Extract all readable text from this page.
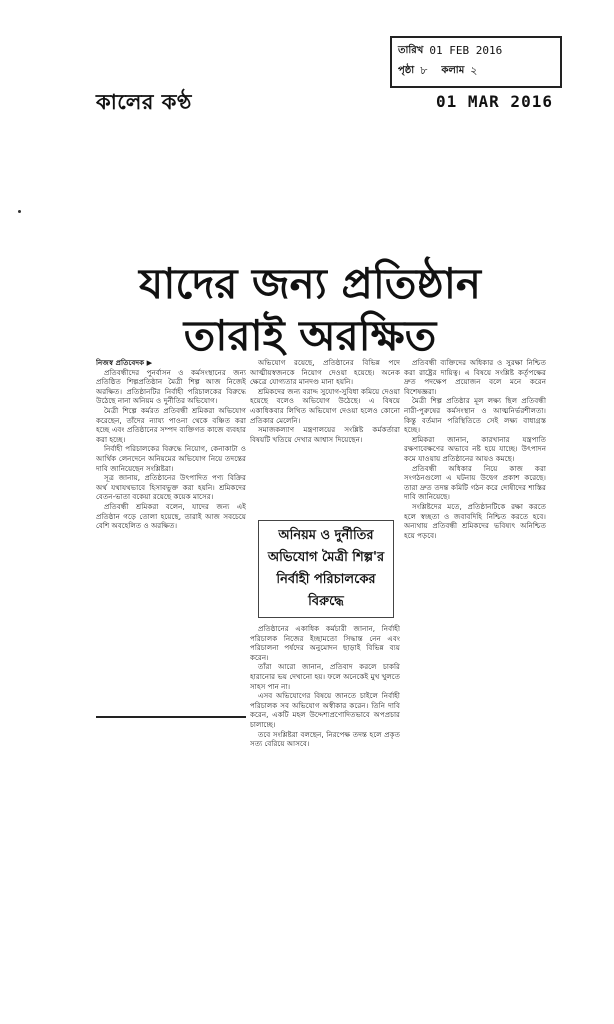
তারিখ 01 FEB 2016
পৃষ্ঠা ৮ কলাম ২
কালের কণ্ঠ	01 MAR 2016
যাদের জন্য প্রতিষ্ঠান
তারাই অরক্ষিত

নিজস্ব প্রতিবেদক ▶

প্রতিবন্ধীদের পুনর্বাসন ও কর্মসংস্থানের জন্য প্রতিষ্ঠিত শিল্পপ্রতিষ্ঠান মৈত্রী শিল্প আজ নিজেই অরক্ষিত। প্রতিষ্ঠানটির নির্বাহী পরিচালকের বিরুদ্ধে উঠেছে নানা অনিয়ম ও দুর্নীতির অভিযোগ।

মৈত্রী শিল্পে কর্মরত প্রতিবন্ধী শ্রমিকরা অভিযোগ করেছেন, তাঁদের ন্যায্য পাওনা থেকে বঞ্চিত করা হচ্ছে এবং প্রতিষ্ঠানের সম্পদ ব্যক্তিগত কাজে ব্যবহার করা হচ্ছে।

নির্বাহী পরিচালকের বিরুদ্ধে নিয়োগ, কেনাকাটা ও আর্থিক লেনদেনে অনিয়মের অভিযোগ নিয়ে তদন্তের দাবি জানিয়েছেন সংশ্লিষ্টরা।

সূত্র জানায়, প্রতিষ্ঠানের উৎপাদিত পণ্য বিক্রির অর্থ যথাযথভাবে হিসাবভুক্ত করা হয়নি। শ্রমিকদের বেতন-ভাতা বকেয়া রয়েছে কয়েক মাসের।

প্রতিবন্ধী শ্রমিকরা বলেন, যাদের জন্য এই প্রতিষ্ঠান গড়ে তোলা হয়েছে, তারাই আজ সবচেয়ে বেশি অবহেলিত ও অরক্ষিত।

অভিযোগ রয়েছে, প্রতিষ্ঠানের বিভিন্ন পদে আত্মীয়স্বজনকে নিয়োগ দেওয়া হয়েছে। অনেক ক্ষেত্রে যোগ্যতার মানদণ্ড মানা হয়নি।

শ্রমিকদের জন্য বরাদ্দ সুযোগ-সুবিধা কমিয়ে দেওয়া হয়েছে বলেও অভিযোগ উঠেছে। এ বিষয়ে একাধিকবার লিখিত অভিযোগ দেওয়া হলেও কোনো প্রতিকার মেলেনি।

সমাজকল্যাণ মন্ত্রণালয়ের সংশ্লিষ্ট কর্মকর্তারা বিষয়টি খতিয়ে দেখার আশ্বাস দিয়েছেন।

অনিয়ম ও দুর্নীতির
অভিযোগ মৈত্রী শিল্প'র
নির্বাহী পরিচালকের বিরুদ্ধে

প্রতিষ্ঠানের একাধিক কর্মচারী জানান, নির্বাহী পরিচালক নিজের ইচ্ছামতো সিদ্ধান্ত নেন এবং পরিচালনা পর্ষদের অনুমোদন ছাড়াই বিভিন্ন ব্যয় করেন।

তাঁরা আরো জানান, প্রতিবাদ করলে চাকরি হারানোর ভয় দেখানো হয়। ফলে অনেকেই মুখ খুলতে সাহস পান না।

এসব অভিযোগের বিষয়ে জানতে চাইলে নির্বাহী পরিচালক সব অভিযোগ অস্বীকার করেন। তিনি দাবি করেন, একটি মহল উদ্দেশ্যপ্রণোদিতভাবে অপপ্রচার চালাচ্ছে।

তবে সংশ্লিষ্টরা বলছেন, নিরপেক্ষ তদন্ত হলে প্রকৃত সত্য বেরিয়ে আসবে।

প্রতিবন্ধী ব্যক্তিদের অধিকার ও সুরক্ষা নিশ্চিত করা রাষ্ট্রের দায়িত্ব। এ বিষয়ে সংশ্লিষ্ট কর্তৃপক্ষের দ্রুত পদক্ষেপ প্রয়োজন বলে মনে করেন বিশেষজ্ঞরা।

মৈত্রী শিল্প প্রতিষ্ঠার মূল লক্ষ্য ছিল প্রতিবন্ধী নারী-পুরুষের কর্মসংস্থান ও আত্মনির্ভরশীলতা। কিন্তু বর্তমান পরিস্থিতিতে সেই লক্ষ্য বাধাগ্রস্ত হচ্ছে।

শ্রমিকরা জানান, কারখানার যন্ত্রপাতি রক্ষণাবেক্ষণের অভাবে নষ্ট হয়ে যাচ্ছে। উৎপাদন কমে যাওয়ায় প্রতিষ্ঠানের আয়ও কমছে।

প্রতিবন্ধী অধিকার নিয়ে কাজ করা সংগঠনগুলো এ ঘটনায় উদ্বেগ প্রকাশ করেছে। তারা দ্রুত তদন্ত কমিটি গঠন করে দোষীদের শাস্তির দাবি জানিয়েছে।

সংশ্লিষ্টদের মতে, প্রতিষ্ঠানটিকে রক্ষা করতে হলে স্বচ্ছতা ও জবাবদিহি নিশ্চিত করতে হবে। অন্যথায় প্রতিবন্ধী শ্রমিকদের ভবিষ্যৎ অনিশ্চিত হয়ে পড়বে।
